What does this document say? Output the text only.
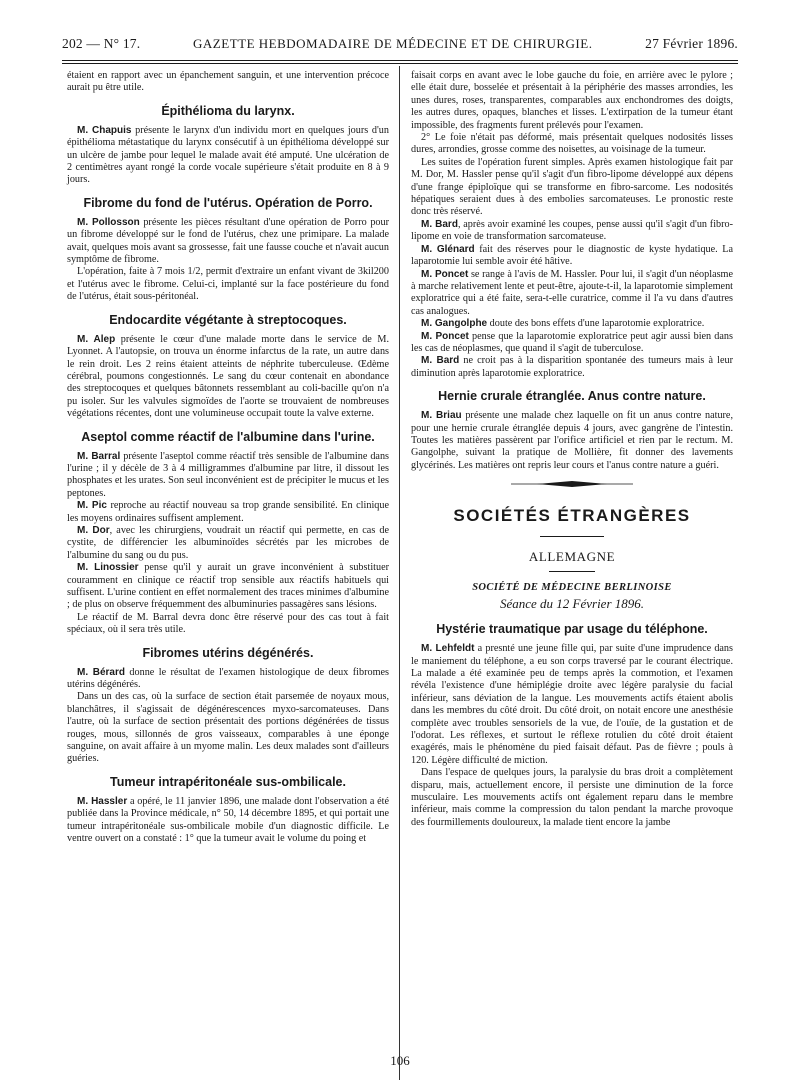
202 — N° 17.	GAZETTE HEBDOMADAIRE DE MÉDECINE ET DE CHIRURGIE.	27 Février 1896.

étaient en rapport avec un épanchement sanguin, et une intervention précoce aurait pu être utile.

Épithélioma du larynx.

M. Chapuis présente le larynx d'un individu mort en quelques jours d'un épithélioma métastatique du larynx consécutif à un épithélioma développé sur un ulcère de jambe pour lequel le malade avait été amputé. Une ulcération de 2 centimètres ayant rongé la corde vocale supérieure s'était produite en 8 à 9 jours.

Fibrome du fond de l'utérus. Opération de Porro.

M. Pollosson présente les pièces résultant d'une opération de Porro pour un fibrome développé sur le fond de l'utérus, chez une primipare. La malade avait, quelques mois avant sa grossesse, fait une fausse couche et n'avait aucun symptôme de fibrome.

L'opération, faite à 7 mois 1/2, permit d'extraire un enfant vivant de 3kil200 et l'utérus avec le fibrome. Celui-ci, implanté sur la face postérieure du fond de l'utérus, était sous-péritonéal.

Endocardite végétante à streptocoques.

M. Alep présente le cœur d'une malade morte dans le service de M. Lyonnet. A l'autopsie, on trouva un énorme infarctus de la rate, un autre dans le rein droit. Les 2 reins étaient atteints de néphrite tuberculeuse. Œdème cérébral, poumons congestionnés. Le sang du cœur contenait en abondance des streptocoques et quelques bâtonnets ressemblant au coli-bacille qu'on n'a pu isoler. Sur les valvules sigmoïdes de l'aorte se trouvaient de nombreuses végétations récentes, dont une volumineuse occupait toute la valve externe.

Aseptol comme réactif de l'albumine dans l'urine.

M. Barral présente l'aseptol comme réactif très sensible de l'albumine dans l'urine ; il y décèle de 3 à 4 milligrammes d'albumine par litre, il dissout les phosphates et les urates. Son seul inconvénient est de précipiter le mucus et les peptones.

M. Pic reproche au réactif nouveau sa trop grande sensibilité. En clinique les moyens ordinaires suffisent amplement.

M. Dor, avec les chirurgiens, voudrait un réactif qui permette, en cas de cystite, de différencier les albuminoïdes sécrétés par les microbes de l'albumine du sang ou du pus.

M. Linossier pense qu'il y aurait un grave inconvénient à substituer couramment en clinique ce réactif trop sensible aux réactifs habituels qui suffisent. L'urine contient en effet normalement des traces minimes d'albumine ; de plus on observe fréquemment des albuminuries passagères sans lésions.

Le réactif de M. Barral devra donc être réservé pour des cas tout à fait spéciaux, où il sera très utile.

Fibromes utérins dégénérés.

M. Bérard donne le résultat de l'examen histologique de deux fibromes utérins dégénérés.

Dans un des cas, où la surface de section était parsemée de noyaux mous, blanchâtres, il s'agissait de dégénérescences myxo-sarcomateuses. Dans l'autre, où la surface de section présentait des portions dégénérées de tissus rouges, mous, sillonnés de gros vaisseaux, comparables à une éponge sanguine, on avait affaire à un myome malin. Les deux malades sont d'ailleurs guéries.

Tumeur intrapéritonéale sus-ombilicale.

M. Hassler a opéré, le 11 janvier 1896, une malade dont l'observation a été publiée dans la Province médicale, n° 50, 14 décembre 1895, et qui portait une tumeur intrapéritonéale sus-ombilicale mobile d'un diagnostic difficile. Le ventre ouvert on a constaté : 1° que la tumeur avait le volume du poing et

faisait corps en avant avec le lobe gauche du foie, en arrière avec le pylore ; elle était dure, bosselée et présentait à la périphérie des masses arrondies, les unes dures, roses, transparentes, comparables aux enchondromes des doigts, les autres dures, opaques, blanches et lisses. L'extirpation de la tumeur étant impossible, des fragments furent prélevés pour l'examen.

2° Le foie n'était pas déformé, mais présentait quelques nodosités lisses dures, arrondies, grosse comme des noisettes, au voisinage de la tumeur.

Les suites de l'opération furent simples. Après examen histologique fait par M. Dor, M. Hassler pense qu'il s'agit d'un fibro-lipome développé aux dépens d'une frange épiploïque qui se transforme en fibro-sarcome. Les nodosités hépatiques seraient dues à des embolies sarcomateuses. Le pronostic reste donc très réservé.

M. Bard, après avoir examiné les coupes, pense aussi qu'il s'agit d'un fibro-lipome en voie de transformation sarcomateuse.

M. Glénard fait des réserves pour le diagnostic de kyste hydatique. La laparotomie lui semble avoir été hâtive.

M. Poncet se range à l'avis de M. Hassler. Pour lui, il s'agit d'un néoplasme à marche relativement lente et peut-être, ajoute-t-il, la laparotomie simplement exploratrice qui a été faite, sera-t-elle curatrice, comme il l'a vu dans d'autres cas analogues.

M. Gangolphe doute des bons effets d'une laparotomie exploratrice.

M. Poncet pense que la laparotomie exploratrice peut agir aussi bien dans les cas de néoplasmes, que quand il s'agit de tuberculose.

M. Bard ne croit pas à la disparition spontanée des tumeurs mais à leur diminution après laparotomie exploratrice.

Hernie crurale étranglée. Anus contre nature.

M. Briau présente une malade chez laquelle on fit un anus contre nature, pour une hernie crurale étranglée depuis 4 jours, avec gangrène de l'intestin. Toutes les matières passèrent par l'orifice artificiel et rien par le rectum. M. Gangolphe, suivant la pratique de Mollière, fit donner des lavements glycérinés. Les matières ont repris leur cours et l'anus contre nature a guéri.

SOCIÉTÉS ÉTRANGÈRES
ALLEMAGNE
SOCIÉTÉ DE MÉDECINE BERLINOISE
Séance du 12 Février 1896.
Hystérie traumatique par usage du téléphone.

M. Lehfeldt a presnté une jeune fille qui, par suite d'une imprudence dans le maniement du téléphone, a eu son corps traversé par le courant électrique. La malade a été examinée peu de temps après la commotion, et l'examen révéla l'existence d'une hémiplégie droite avec légère paralysie du facial inférieur, sans déviation de la langue. Les mouvements actifs étaient abolis dans les membres du côté droit. Du côté droit, on notait encore une anesthésie complète avec troubles sensoriels de la vue, de l'ouïe, de la gustation et de l'odorat. Les réflexes, et surtout le réflexe rotulien du côté droit étaient exagérés, mais le phénomène du pied faisait défaut. Pas de fièvre ; pouls à 120. Légère difficulté de miction.

Dans l'espace de quelques jours, la paralysie du bras droit a complètement disparu, mais, actuellement encore, il persiste une diminution de la force musculaire. Les mouvements actifs ont également reparu dans le membre inférieur, mais comme la compression du talon pendant la marche provoque des fourmillements douloureux, la malade tient encore la jambe

106
